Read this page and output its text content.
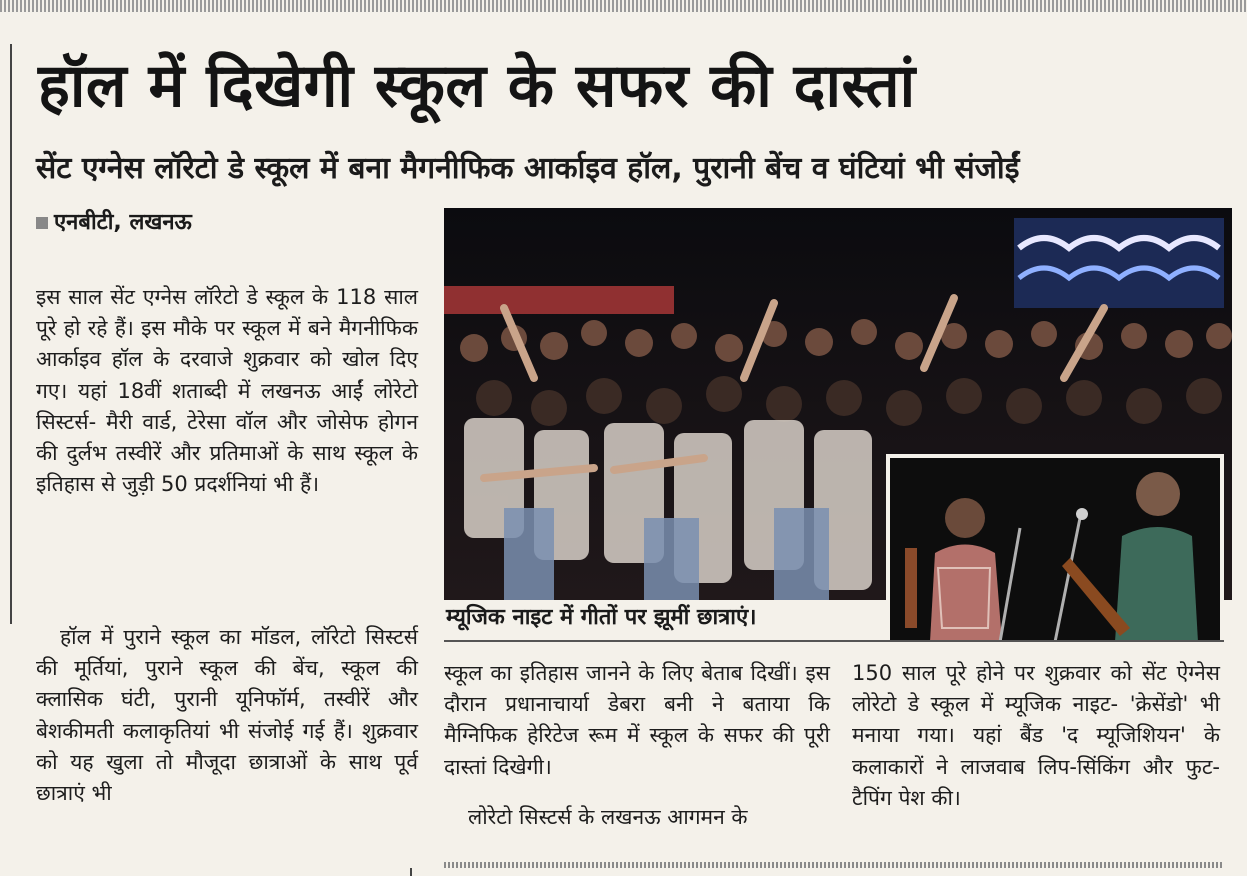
हॉल में दिखेगी स्कूल के सफर की दास्तां
सेंट एग्नेस लॉरेटो डे स्कूल में बना मैगनीफिक आर्काइव हॉल, पुरानी बेंच व घंटियां भी संजोईं
एनबीटी, लखनऊ

इस साल सेंट एग्नेस लॉरेटो डे स्कूल के 118 साल पूरे हो रहे हैं। इस मौके पर स्कूल में बने मैगनीफिक आर्काइव हॉल के दरवाजे शुक्रवार को खोल दिए गए। यहां 18वीं शताब्दी में लखनऊ आईं लोरेटो सिस्टर्स- मैरी वार्ड, टेरेसा वॉल और जोसेफ होगन की दुर्लभ तस्वीरें और प्रतिमाओं के साथ स्कूल के इतिहास से जुड़ी 50 प्रदर्शनियां भी हैं।

हॉल में पुराने स्कूल का मॉडल, लॉरेटो सिस्टर्स की मूर्तियां, पुराने स्कूल की बेंच, स्कूल की क्लासिक घंटी, पुरानी यूनिफॉर्म, तस्वीरें और बेशकीमती कलाकृतियां भी संजोई गई हैं। शुक्रवार को यह खुला तो मौजूदा छात्राओं के साथ पूर्व छात्राएं भी

स्कूल का इतिहास जानने के लिए बेताब दिखीं। इस दौरान प्रधानाचार्या डेबरा बनी ने बताया कि मैग्निफिक हेरिटेज रूम में स्कूल के सफर की पूरी दास्तां दिखेगी।

लोरेटो सिस्टर्स के लखनऊ आगमन के

150 साल पूरे होने पर शुक्रवार को सेंट ऐग्नेस लोरेटो डे स्कूल में म्यूजिक नाइट- 'क्रेसेंडो' भी मनाया गया। यहां बैंड 'द म्यूजिशियन' के कलाकारों ने लाजवाब लिप-सिंकिंग और फुट-टैपिंग पेश की।

म्यूजिक नाइट में गीतों पर झूमीं छात्राएं।
